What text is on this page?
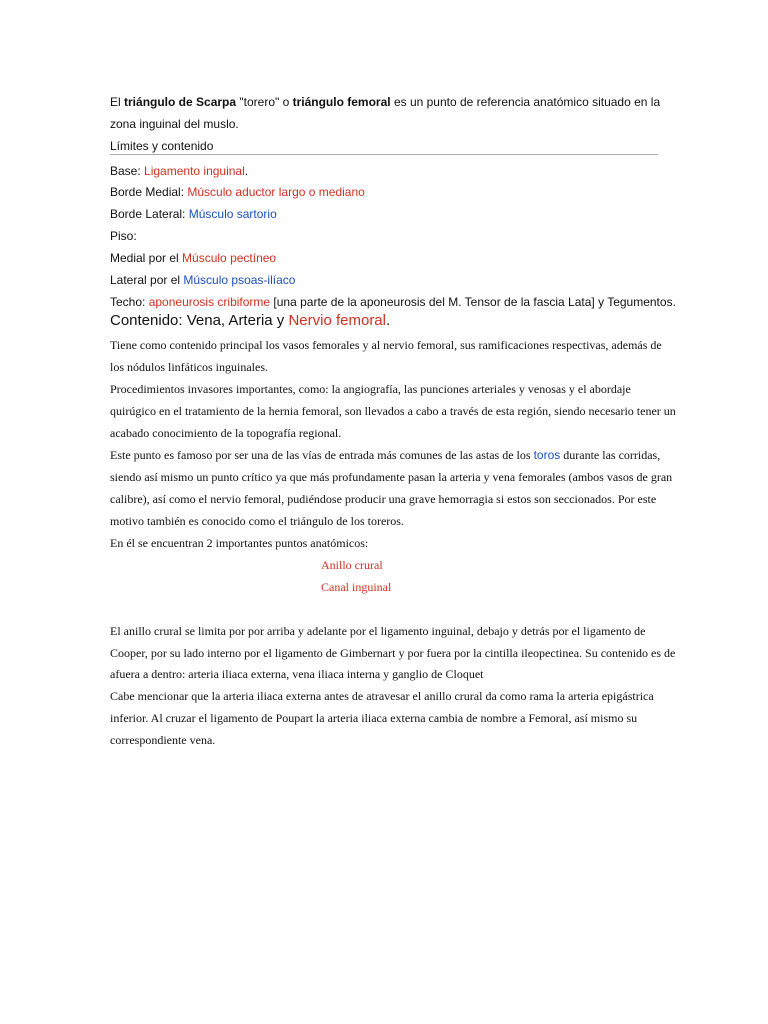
El triángulo de Scarpa "torero" o triángulo femoral es un punto de referencia anatómico situado en la
zona inguinal del muslo.
Límites y contenido
Base: Ligamento inguinal.
Borde Medial: Músculo aductor largo o mediano
Borde Lateral: Músculo sartorio
Piso:
Medial por el Músculo pectíneo
Lateral por el Músculo psoas-ilíaco
Techo: aponeurosis cribiforme [una parte de la aponeurosis del M. Tensor de la fascia Lata] y Tegumentos.
Contenido: Vena, Arteria y Nervio femoral.
Tiene como contenido principal los vasos femorales y al nervio femoral, sus ramificaciones respectivas, además de
los nódulos linfáticos inguinales.
Procedimientos invasores importantes, como: la angiografía, las punciones arteriales y venosas y el abordaje
quirúgico en el tratamiento de la hernia femoral, son llevados a cabo a través de esta región, siendo necesario tener un
acabado conocimiento de la topografía regional.
Este punto es famoso por ser una de las vías de entrada más comunes de las astas de los toros durante las corridas,
siendo así mismo un punto crítico ya que más profundamente pasan la arteria y vena femorales (ambos vasos de gran
calibre), así como el nervio femoral, pudiéndose producir una grave hemorragia si estos son seccionados. Por este
motivo también es conocido como el triángulo de los toreros.
En él se encuentran 2 importantes puntos anatómicos:
Anillo crural
Canal inguinal
El anillo crural se limita por por arriba y adelante por el ligamento inguinal, debajo y detrás por el ligamento de
Cooper, por su lado interno por el ligamento de Gimbernart y por fuera por la cintilla ileopectinea. Su contenido es de
afuera a dentro: arteria iliaca externa, vena iliaca interna y ganglio de Cloquet
Cabe mencionar que la arteria iliaca externa antes de atravesar el anillo crural da como rama la arteria epigástrica
inferior. Al cruzar el ligamento de Poupart la arteria iliaca externa cambia de nombre a Femoral, así mismo su
correspondiente vena.
